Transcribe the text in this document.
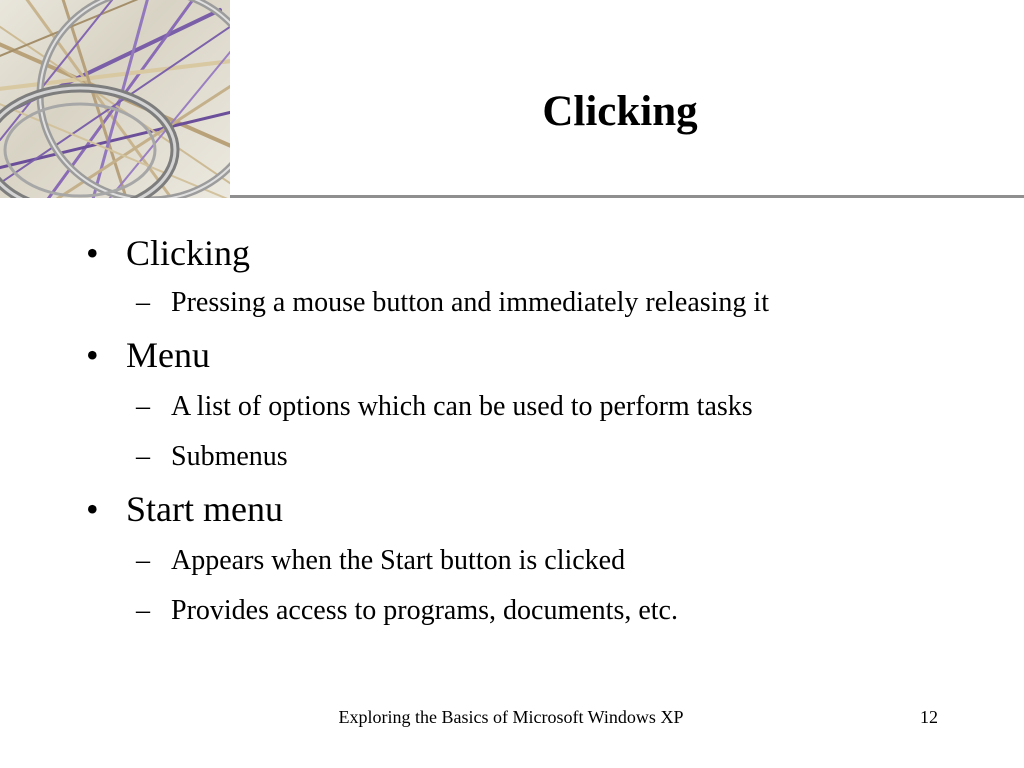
Clicking
• Clicking
– Pressing a mouse button and immediately releasing it
• Menu
– A list of options which can be used to perform tasks
– Submenus
• Start menu
– Appears when the Start button is clicked
– Provides access to programs, documents, etc.
Exploring the Basics of Microsoft Windows XP	12
